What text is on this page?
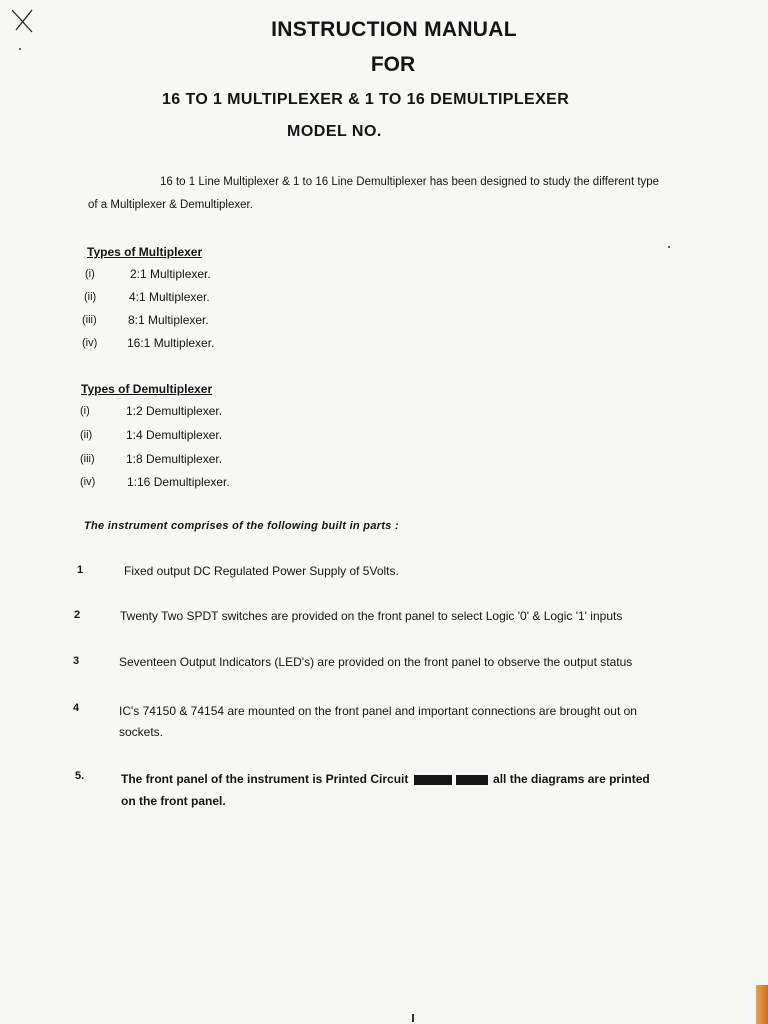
INSTRUCTION MANUAL
FOR
16 TO 1 MULTIPLEXER & 1 TO 16 DEMULTIPLEXER
MODEL NO.
16 to 1 Line Multiplexer & 1 to 16 Line Demultiplexer has been designed to study the different type
of a Multiplexer & Demultiplexer.
Types of Multiplexer
(i)	2:1 Multiplexer.
(ii)	4:1 Multiplexer.
(iii)	8:1 Multiplexer.
(iv) 16:1 Multiplexer.
Types of Demultiplexer
(i)	1:2 Demultiplexer.
(ii)	1:4 Demultiplexer.
(iii)	1:8 Demultiplexer.
(iv)	1:16 Demultiplexer.
The instrument comprises of the following built in parts :
1	Fixed output DC Regulated Power Supply of 5Volts.
2	Twenty Two SPDT switches are provided on the front panel to select Logic '0' & Logic '1' inputs
3	Seventeen Output Indicators (LED's) are provided on the front panel to observe the output status
4	IC's 74150 & 74154 are mounted on the front panel and important connections are brought out on
sockets.
5.	The front panel of the instrument is Printed Circuit	all the diagrams are printed
on the front panel.
